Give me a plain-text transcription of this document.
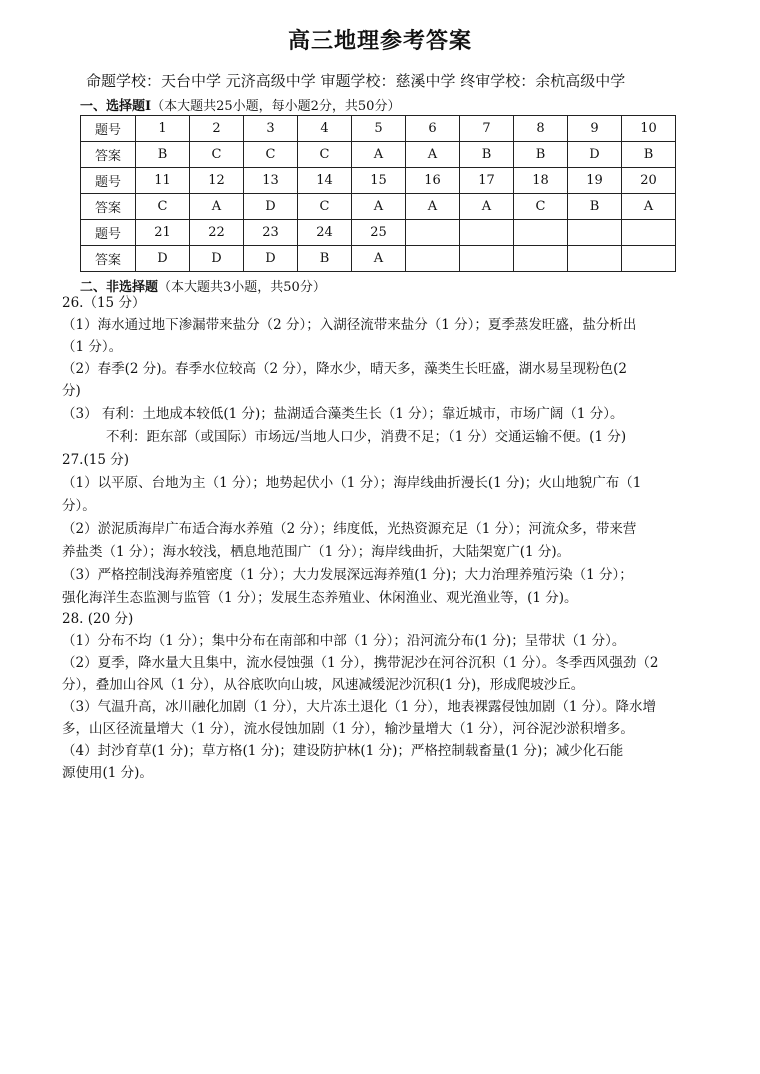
高三地理参考答案
命题学校：天台中学 元济高级中学 审题学校：慈溪中学 终审学校：余杭高级中学
一、选择题Ⅰ（本大题共25小题，每小题2分，共50分）
题号	1	2	3	4	5	6	7	8	9	10
答案	B	C	C	C	A	A	B	B	D	B
题号	11	12	13	14	15	16	17	18	19	20
答案	C	A	D	C	A	A	A	C	B	A
题号	21	22	23	24	25					
答案	D	D	D	B	A					
二、非选择题（本大题共3小题，共50分）
26.（15 分）
（1）海水通过地下渗漏带来盐分（2 分）；入湖径流带来盐分（1 分）；夏季蒸发旺盛，盐分析出
（1 分）。
（2）春季(2 分)。春季水位较高（2 分），降水少，晴天多，藻类生长旺盛，湖水易呈现粉色(2
分)
（3） 有利：土地成本较低(1 分)；盐湖适合藻类生长（1 分）；靠近城市，市场广阔（1 分）。
不利：距东部（或国际）市场远/当地人口少，消费不足；（1 分）交通运输不便。(1 分)
27.(15 分)
（1）以平原、台地为主（1 分）；地势起伏小（1 分）；海岸线曲折漫长(1 分)；火山地貌广布（1
分）。
（2）淤泥质海岸广布适合海水养殖（2 分）；纬度低，光热资源充足（1 分）；河流众多，带来营
养盐类（1 分）；海水较浅，栖息地范围广（1 分）；海岸线曲折，大陆架宽广(1 分)。
（3）严格控制浅海养殖密度（1 分）；大力发展深远海养殖(1 分)；大力治理养殖污染（1 分）；
强化海洋生态监测与监管（1 分）；发展生态养殖业、休闲渔业、观光渔业等，(1 分)。
28. (20 分)
（1）分布不均（1 分）；集中分布在南部和中部（1 分）；沿河流分布(1 分)；呈带状（1 分）。
（2）夏季，降水量大且集中，流水侵蚀强（1 分），携带泥沙在河谷沉积（1 分）。冬季西风强劲（2
分），叠加山谷风（1 分），从谷底吹向山坡，风速减缓泥沙沉积(1 分)，形成爬坡沙丘。
（3）气温升高，冰川融化加剧（1 分），大片冻土退化（1 分），地表裸露侵蚀加剧（1 分）。降水增
多，山区径流量增大（1 分），流水侵蚀加剧（1 分），输沙量增大（1 分），河谷泥沙淤积增多。
（4）封沙育草(1 分)；草方格(1 分)；建设防护林(1 分)；严格控制载畜量(1 分)；减少化石能
源使用(1 分)。
